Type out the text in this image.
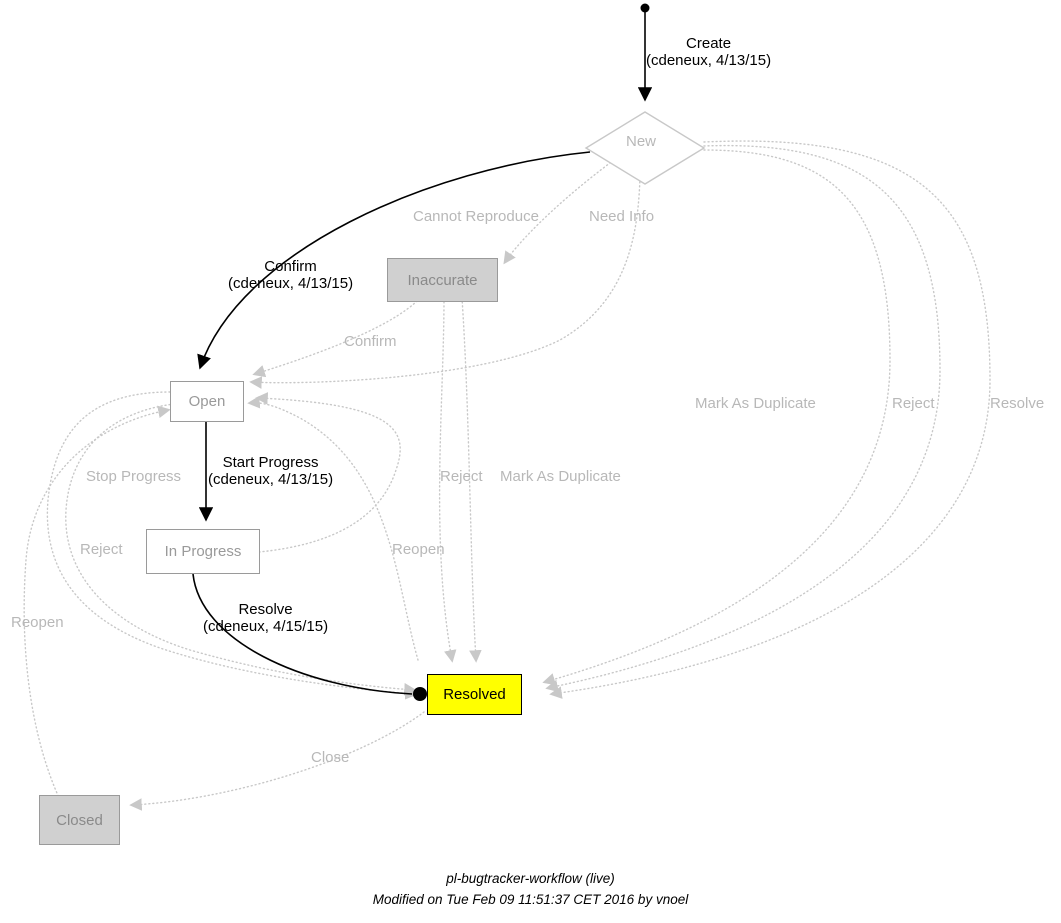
New
Inaccurate
Open
In Progress
Resolved
Closed
Create
(cdeneux, 4/13/15)
Confirm
(cdeneux, 4/13/15)
Start Progress
(cdeneux, 4/13/15)
Resolve
(cdeneux, 4/15/15)
Cannot Reproduce	Need Info
Confirm
Mark As Duplicate	Reject	Resolve
Stop Progress	Reject Mark As Duplicate
Reject	Reopen
Reopen
Close
pl-bugtracker-workflow (live)
Modified on Tue Feb 09 11:51:37 CET 2016 by vnoel
